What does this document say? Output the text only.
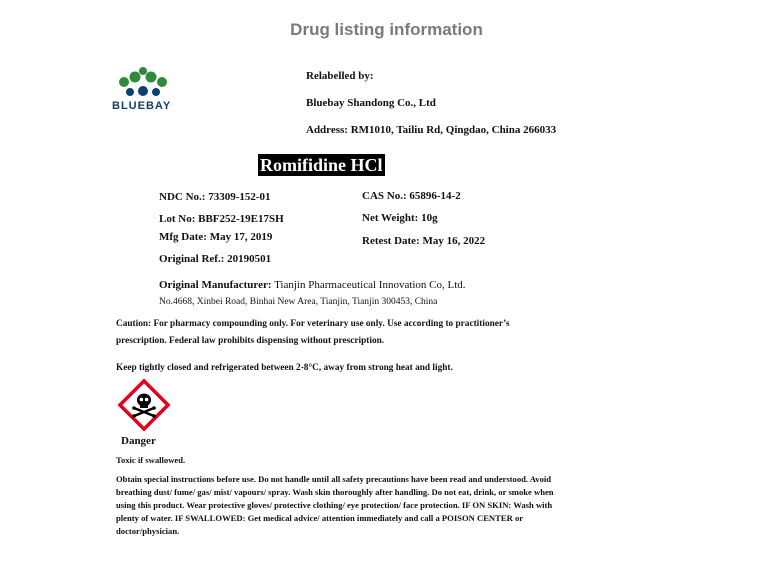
Drug listing information
BLUEBAY
Relabelled by:
Bluebay Shandong Co., Ltd
Address: RM1010, Tailiu Rd, Qingdao, China 266033
Romifidine HCl
NDC No.: 73309-152-01	CAS No.: 65896-14-2
Lot No: BBF252-19E17SH	Net Weight: 10g
Mfg Date: May 17, 2019	Retest Date: May 16, 2022
Original Ref.: 20190501
Original Manufacturer: Tianjin Pharmaceutical Innovation Co, Ltd.
No.4668, Xinbei Road, Binhai New Area, Tianjin, Tianjin 300453, China
Caution: For pharmacy compounding only. For veterinary use only. Use according to practitioner’s
prescription. Federal law prohibits dispensing without prescription.
Keep tightly closed and refrigerated between 2-8°C, away from strong heat and light.
Danger
Toxic if swallowed.
Obtain special instructions before use. Do not handle until all safety precautions have been read and understood. Avoid breathing dust/ fume/ gas/ mist/ vapours/ spray. Wash skin thoroughly after handling. Do not eat, drink, or smoke when using this product. Wear protective gloves/ protective clothing/ eye protection/ face protection. IF ON SKIN: Wash with plenty of water. IF SWALLOWED: Get medical advice/ attention immediately and call a POISON CENTER or doctor/physician.
